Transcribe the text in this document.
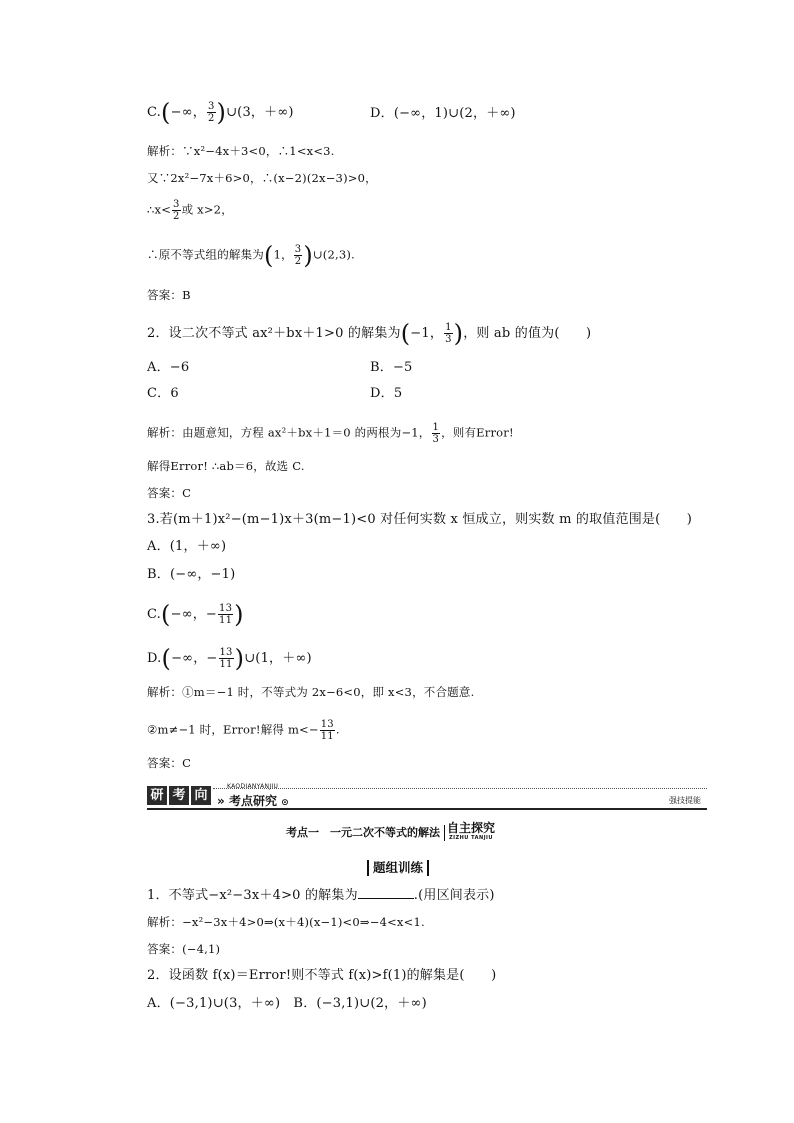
C.(−∞， $\frac{3}{2}$ )∪(3，＋∞)	D．(−∞，1)∪(2，＋∞)
解析：∵x²−4x＋3<0，∴1<x<3.
又∵2x²−7x＋6>0，∴(x−2)(2x−3)>0，
∴x< $\frac{3}{2}$ 或 x>2，
∴原不等式组的解集为(1， $\frac{3}{2}$ )∪(2,3).
答案：B
2．设二次不等式 ax²＋bx＋1>0 的解集为(−1， $\frac{1}{3}$ )，则 ab 的值为(　　)
A．−6	B．−5
C．6	D．5
解析：由题意知，方程 ax²＋bx＋1＝0 的两根为−1， $\frac{1}{3}$ ，则有Error!
解得Error! ∴ab＝6，故选 C.
答案：C
3.若(m＋1)x²−(m−1)x＋3(m−1)<0 对任何实数 x 恒成立，则实数 m 的取值范围是(　　)
A．(1，＋∞)
B．(−∞，−1)
C.(−∞，− $\frac{13}{11}$ )
D.(−∞，− $\frac{13}{11}$ )∪(1，＋∞)
解析：①m＝−1 时，不等式为 2x−6<0，即 x<3，不合题意.
②m≠−1 时，Error!解得 $m<- \frac{13}{11}$ .
答案：C
研 考 向
KAODIANYANJIU
» 考点研究 ⊙	强技提能
考点一　一元二次不等式的解法 自主探究
ZIZHU TANJIU
题组训练
1．不等式−x²−3x＋4>0 的解集为	.(用区间表示)
解析：−x²−3x＋4>0⇒(x＋4)(x−1)<0⇒−4<x<1.
答案：(−4,1)
2．设函数 f(x)＝Error!则不等式 f(x)>f(1)的解集是(　　)
A．(−3,1)∪(3，＋∞)　B．(−3,1)∪(2，＋∞)
